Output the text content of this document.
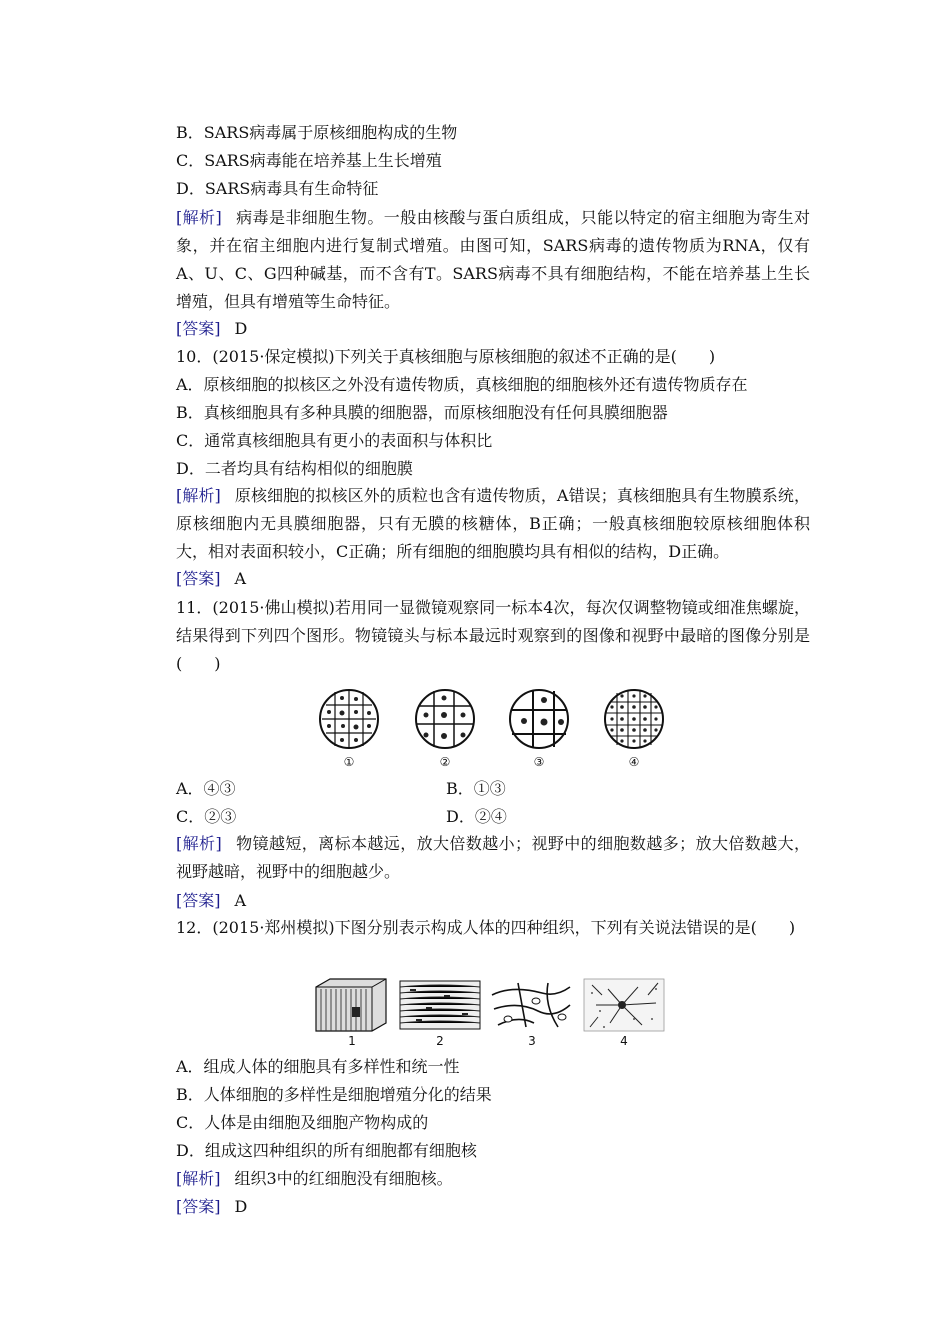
B．SARS病毒属于原核细胞构成的生物
C．SARS病毒能在培养基上生长增殖
D．SARS病毒具有生命特征

[解析] 病毒是非细胞生物。一般由核酸与蛋白质组成，只能以特定的宿主细胞为寄生对象，并在宿主细胞内进行复制式增殖。由图可知，SARS病毒的遗传物质为RNA，仅有A、U、C、G四种碱基，而不含有T。SARS病毒不具有细胞结构，不能在培养基上生长增殖，但具有增殖等生命特征。

[答案] D
10．(2015·保定模拟)下列关于真核细胞与原核细胞的叙述不正确的是(　　)
A．原核细胞的拟核区之外没有遗传物质，真核细胞的细胞核外还有遗传物质存在
B．真核细胞具有多种具膜的细胞器，而原核细胞没有任何具膜细胞器
C．通常真核细胞具有更小的表面积与体积比
D．二者均具有结构相似的细胞膜

[解析] 原核细胞的拟核区外的质粒也含有遗传物质，A错误；真核细胞具有生物膜系统，原核细胞内无具膜细胞器，只有无膜的核糖体，B正确；一般真核细胞较原核细胞体积大，相对表面积较小，C正确；所有细胞的细胞膜均具有相似的结构，D正确。

[答案] A

11．(2015·佛山模拟)若用同一显微镜观察同一标本4次，每次仅调整物镜或细准焦螺旋，结果得到下列四个图形。物镜镜头与标本最远时观察到的图像和视野中最暗的图像分别是(　　)

①	②	③	④
A．④③	B．①③
C．②③	D．②④

[解析] 物镜越短，离标本越远，放大倍数越小；视野中的细胞数越多；放大倍数越大，视野越暗，视野中的细胞越少。

[答案] A

12．(2015·郑州模拟)下图分别表示构成人体的四种组织，下列有关说法错误的是(　　)

1	2	3	4
A．组成人体的细胞具有多样性和统一性
B．人体细胞的多样性是细胞增殖分化的结果
C．人体是由细胞及细胞产物构成的
D．组成这四种组织的所有细胞都有细胞核
[解析] 组织3中的红细胞没有细胞核。
[答案] D
